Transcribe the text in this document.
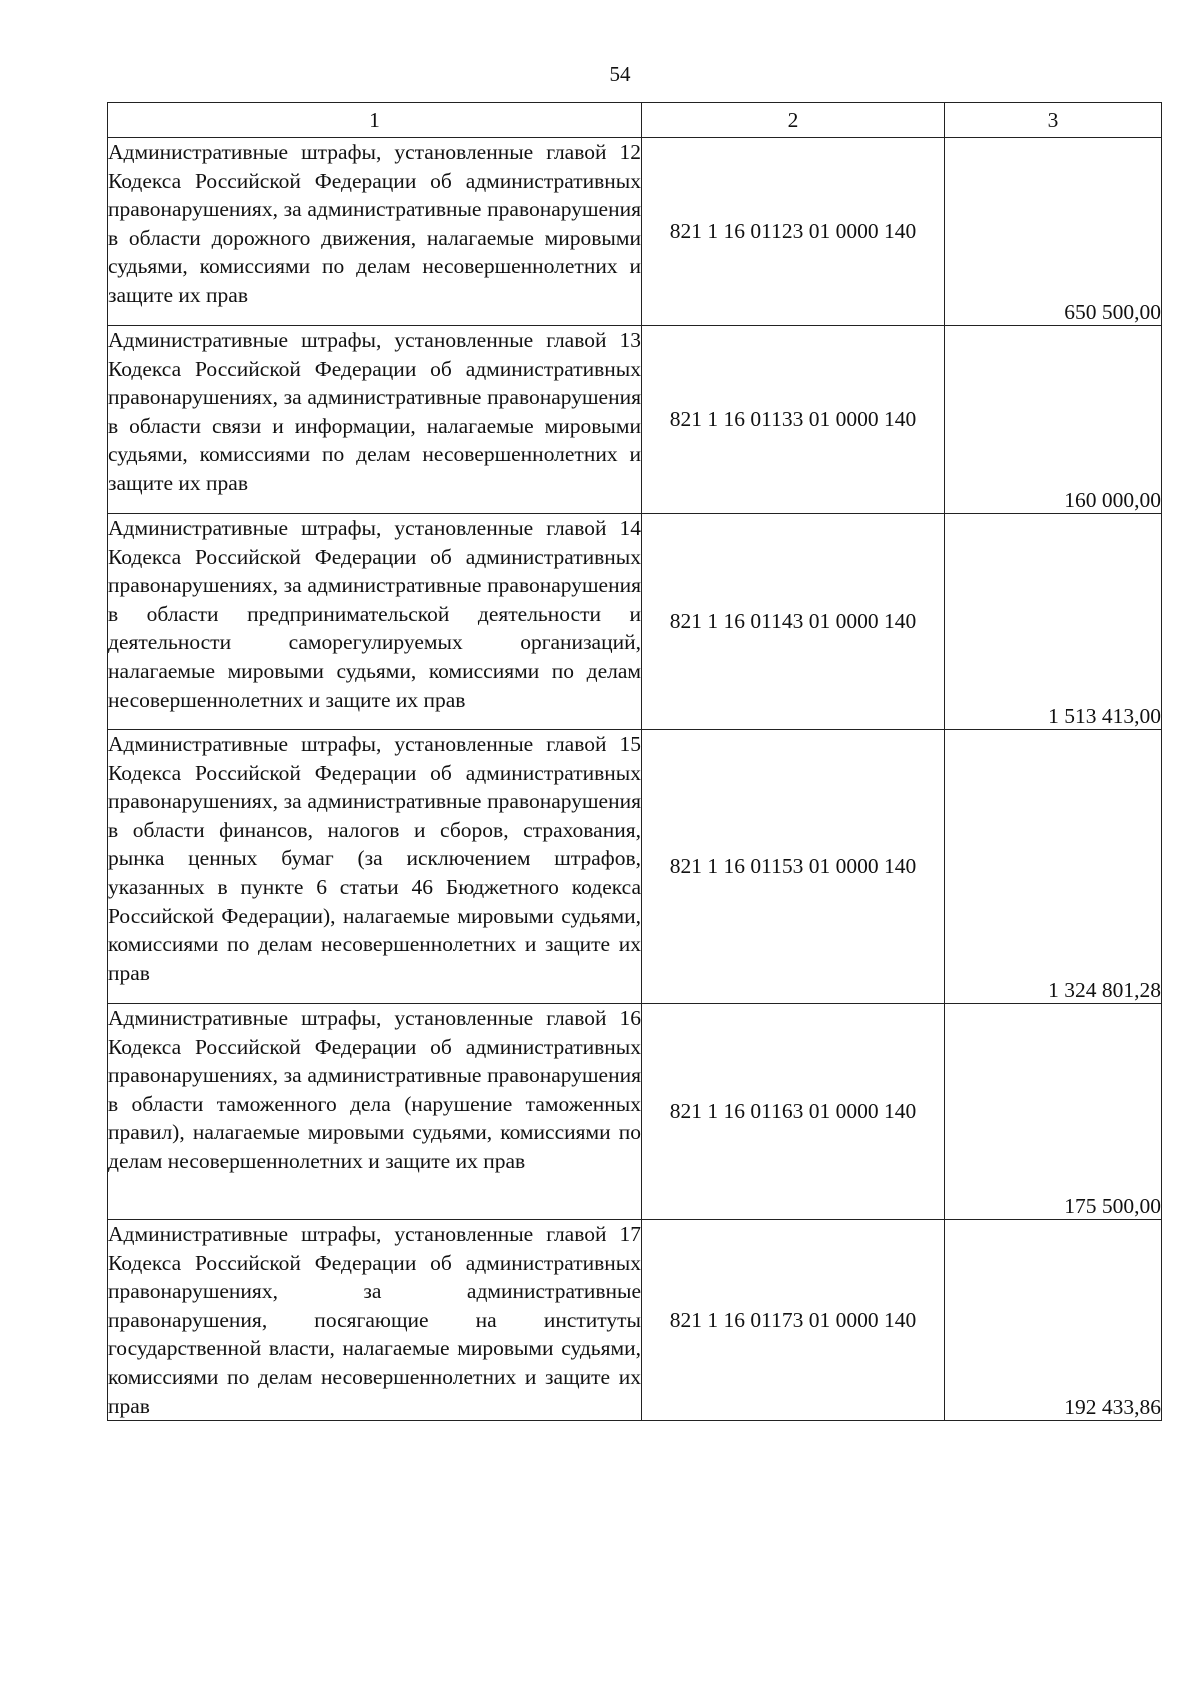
54
1	2	3
Административные штрафы, установленные главой 12 Кодекса Российской Федерации об административных правонарушениях, за административные правонарушения в области дорожного движения, налагаемые мировыми судьями, комиссиями по делам несовершеннолетних и защите их прав	821 1 16 01123 01 0000 140	650 500,00
Административные штрафы, установленные главой 13 Кодекса Российской Федерации об административных правонарушениях, за административные правонарушения в области связи и информации, налагаемые мировыми судьями, комиссиями по делам несовершеннолетних и защите их прав	821 1 16 01133 01 0000 140	160 000,00
Административные штрафы, установленные главой 14 Кодекса Российской Федерации об административных правонарушениях, за административные правонарушения в области предпринимательской деятельности и деятельности саморегулируемых организаций, налагаемые мировыми судьями, комиссиями по делам несовершеннолетних и защите их прав	821 1 16 01143 01 0000 140	1 513 413,00
Административные штрафы, установленные главой 15 Кодекса Российской Федерации об административных правонарушениях, за административные правонарушения в области финансов, налогов и сборов, страхования, рынка ценных бумаг (за исключением штрафов, указанных в пункте 6 статьи 46 Бюджетного кодекса Российской Федерации), налагаемые мировыми судьями, комиссиями по делам несовершеннолетних и защите их прав	821 1 16 01153 01 0000 140	1 324 801,28
Административные штрафы, установленные главой 16 Кодекса Российской Федерации об административных правонарушениях, за административные правонарушения в области таможенного дела (нарушение таможенных правил), налагаемые мировыми судьями, комиссиями по делам несовершеннолетних и защите их прав	821 1 16 01163 01 0000 140	175 500,00
Административные штрафы, установленные главой 17 Кодекса Российской Федерации об административных правонарушениях, за административные правонарушения, посягающие на институты государственной власти, налагаемые мировыми судьями, комиссиями по делам несовершеннолетних и защите их прав	821 1 16 01173 01 0000 140	192 433,86
